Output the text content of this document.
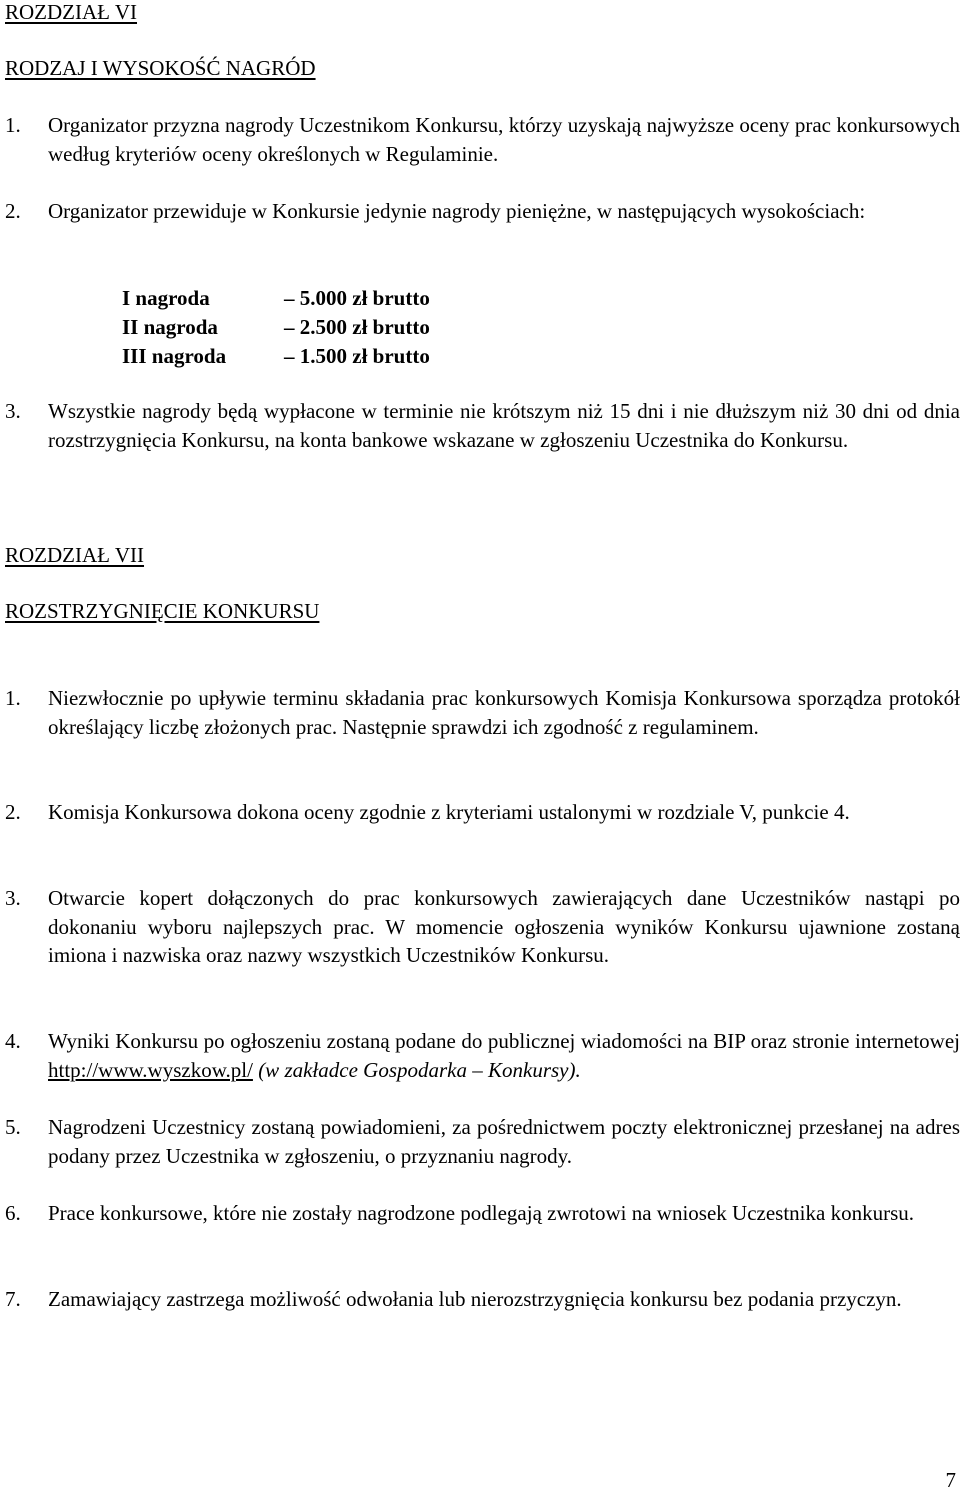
ROZDZIAŁ VI
RODZAJ I WYSOKOŚĆ NAGRÓD
1. Organizator przyzna nagrody Uczestnikom Konkursu, którzy uzyskają najwyższe oceny prac konkursowych według kryteriów oceny określonych w Regulaminie.
2. Organizator przewiduje w Konkursie jedynie nagrody pieniężne, w następujących wysokościach:
I nagroda	– 5.000 zł brutto
II nagroda	– 2.500 zł brutto
III nagroda	– 1.500 zł brutto
3. Wszystkie nagrody będą wypłacone w terminie nie krótszym niż 15 dni i nie dłuższym niż 30 dni od dnia rozstrzygnięcia Konkursu, na konta bankowe wskazane w zgłoszeniu Uczestnika do Konkursu.
ROZDZIAŁ VII
ROZSTRZYGNIĘCIE KONKURSU
1. Niezwłocznie po upływie terminu składania prac konkursowych Komisja Konkursowa sporządza protokół określający liczbę złożonych prac. Następnie sprawdzi ich zgodność z regulaminem.
2. Komisja Konkursowa dokona oceny zgodnie z kryteriami ustalonymi w rozdziale V, punkcie 4.
3. Otwarcie kopert dołączonych do prac konkursowych zawierających dane Uczestników nastąpi po dokonaniu wyboru najlepszych prac. W momencie ogłoszenia wyników Konkursu ujawnione zostaną imiona i nazwiska oraz nazwy wszystkich Uczestników Konkursu.
4. Wyniki Konkursu po ogłoszeniu zostaną podane do publicznej wiadomości na BIP oraz stronie internetowej http://www.wyszkow.pl/ (w zakładce Gospodarka – Konkursy).
5. Nagrodzeni Uczestnicy zostaną powiadomieni, za pośrednictwem poczty elektronicznej przesłanej na adres podany przez Uczestnika w zgłoszeniu, o przyznaniu nagrody.
6. Prace konkursowe, które nie zostały nagrodzone podlegają zwrotowi na wniosek Uczestnika konkursu.
7. Zamawiający zastrzega możliwość odwołania lub nierozstrzygnięcia konkursu bez podania przyczyn.
7
